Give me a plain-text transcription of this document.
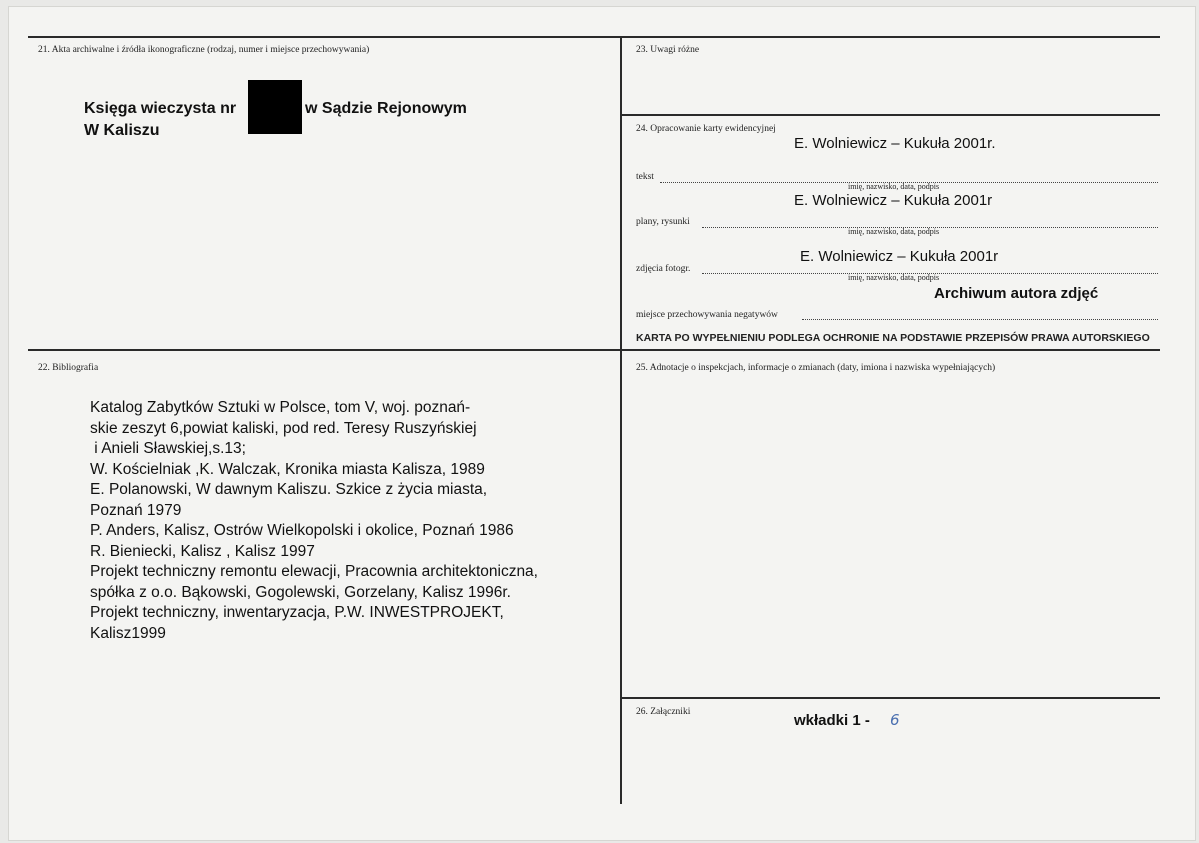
21. Akta archiwalne i źródła ikonograficzne (rodzaj, numer i miejsce przechowywania)
Księga wieczysta nr	w Sądzie Rejonowym
W Kaliszu
23. Uwagi różne
24. Opracowanie karty ewidencyjnej
E. Wolniewicz – Kukuła 2001r.
tekst
imię, nazwisko, data, podpis
E. Wolniewicz – Kukuła 2001r
plany, rysunki
imię, nazwisko, data, podpis
E. Wolniewicz – Kukuła 2001r
zdjęcia fotogr.
imię, nazwisko, data, podpis
Archiwum autora zdjęć
miejsce przechowywania negatywów
KARTA PO WYPEŁNIENIU PODLEGA OCHRONIE NA PODSTAWIE PRZEPISÓW PRAWA AUTORSKIEGO
22. Bibliografia
Katalog Zabytków Sztuki w Polsce, tom V, woj. poznań-
skie zeszyt 6,powiat kaliski, pod red. Teresy Ruszyńskiej
i Anieli Sławskiej,s.13;
W. Kościelniak ,K. Walczak, Kronika miasta Kalisza, 1989
E. Polanowski, W dawnym Kaliszu. Szkice z życia miasta,
Poznań 1979
P. Anders, Kalisz, Ostrów Wielkopolski i okolice, Poznań 1986
R. Bieniecki, Kalisz , Kalisz 1997
Projekt techniczny remontu elewacji, Pracownia architektoniczna,
spółka z o.o. Bąkowski, Gogolewski, Gorzelany, Kalisz 1996r.
Projekt techniczny, inwentaryzacja, P.W. INWESTPROJEKT,
Kalisz1999
25. Adnotacje o inspekcjach, informacje o zmianach (daty, imiona i nazwiska wypełniających)
26. Załączniki	wkładki 1 - 6
